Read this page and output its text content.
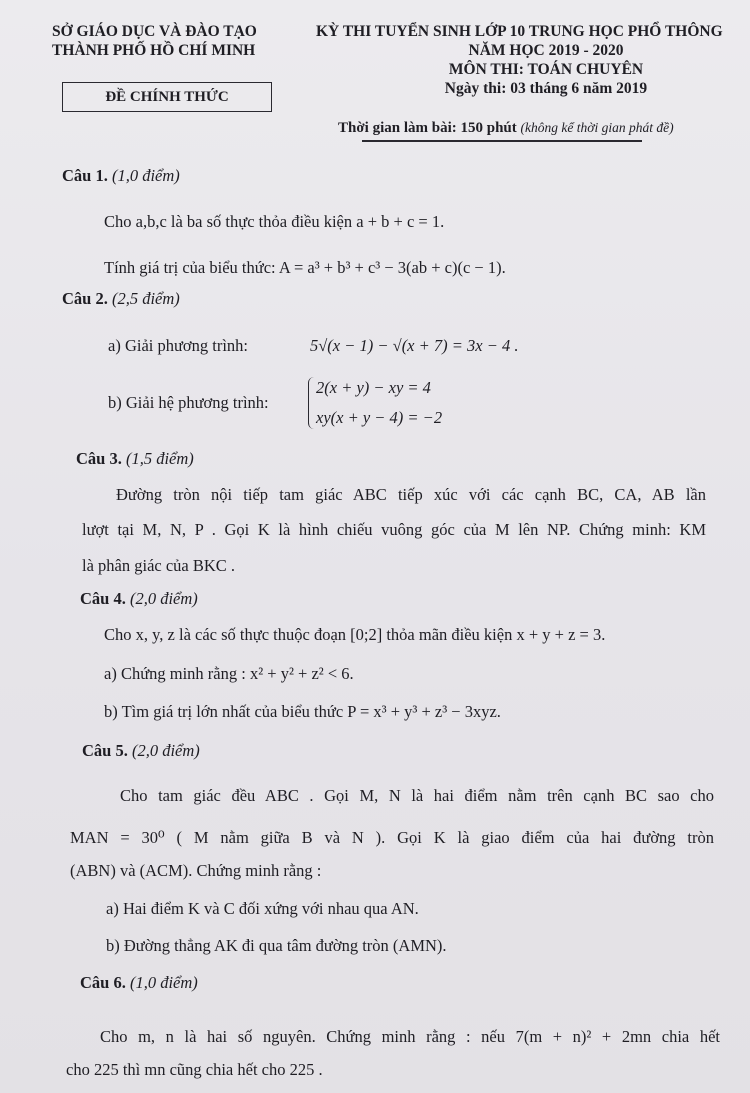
SỞ GIÁO DỤC VÀ ĐÀO TẠO
THÀNH PHỐ HỒ CHÍ MINH
ĐỀ CHÍNH THỨC
KỲ THI TUYỂN SINH LỚP 10 TRUNG HỌC PHỔ THÔNG
NĂM HỌC 2019 - 2020
MÔN THI: TOÁN CHUYÊN
Ngày thi: 03 tháng 6 năm 2019
Thời gian làm bài: 150 phút (không kể thời gian phát đề)
Câu 1. (1,0 điểm)
Cho a,b,c là ba số thực thỏa điều kiện a + b + c = 1.
Tính giá trị của biểu thức: A = a³ + b³ + c³ − 3(ab + c)(c − 1).
Câu 2. (2,5 điểm)
a) Giải phương trình:	5√(x − 1) − √(x + 7) = 3x − 4 .
b) Giải hệ phương trình:
2(x + y) − xy = 4
xy(x + y − 4) = −2
Câu 3. (1,5 điểm)
Đường tròn nội tiếp tam giác ABC tiếp xúc với các cạnh BC, CA, AB lần
lượt tại M, N, P . Gọi K là hình chiếu vuông góc của M lên NP. Chứng minh: KM
là phân giác của BKC .
Câu 4. (2,0 điểm)
Cho x, y, z là các số thực thuộc đoạn [0;2] thỏa mãn điều kiện x + y + z = 3.
a) Chứng minh rằng : x² + y² + z² < 6.
b) Tìm giá trị lớn nhất của biểu thức P = x³ + y³ + z³ − 3xyz.
Câu 5. (2,0 điểm)
Cho tam giác đều ABC . Gọi M, N là hai điểm nằm trên cạnh BC sao cho
MAN = 30⁰ ( M nằm giữa B và N ). Gọi K là giao điểm của hai đường tròn
(ABN) và (ACM). Chứng minh rằng :
a) Hai điểm K và C đối xứng với nhau qua AN.
b) Đường thẳng AK đi qua tâm đường tròn (AMN).
Câu 6. (1,0 điểm)
Cho m, n là hai số nguyên. Chứng minh rằng : nếu 7(m + n)² + 2mn chia hết
cho 225 thì mn cũng chia hết cho 225 .
